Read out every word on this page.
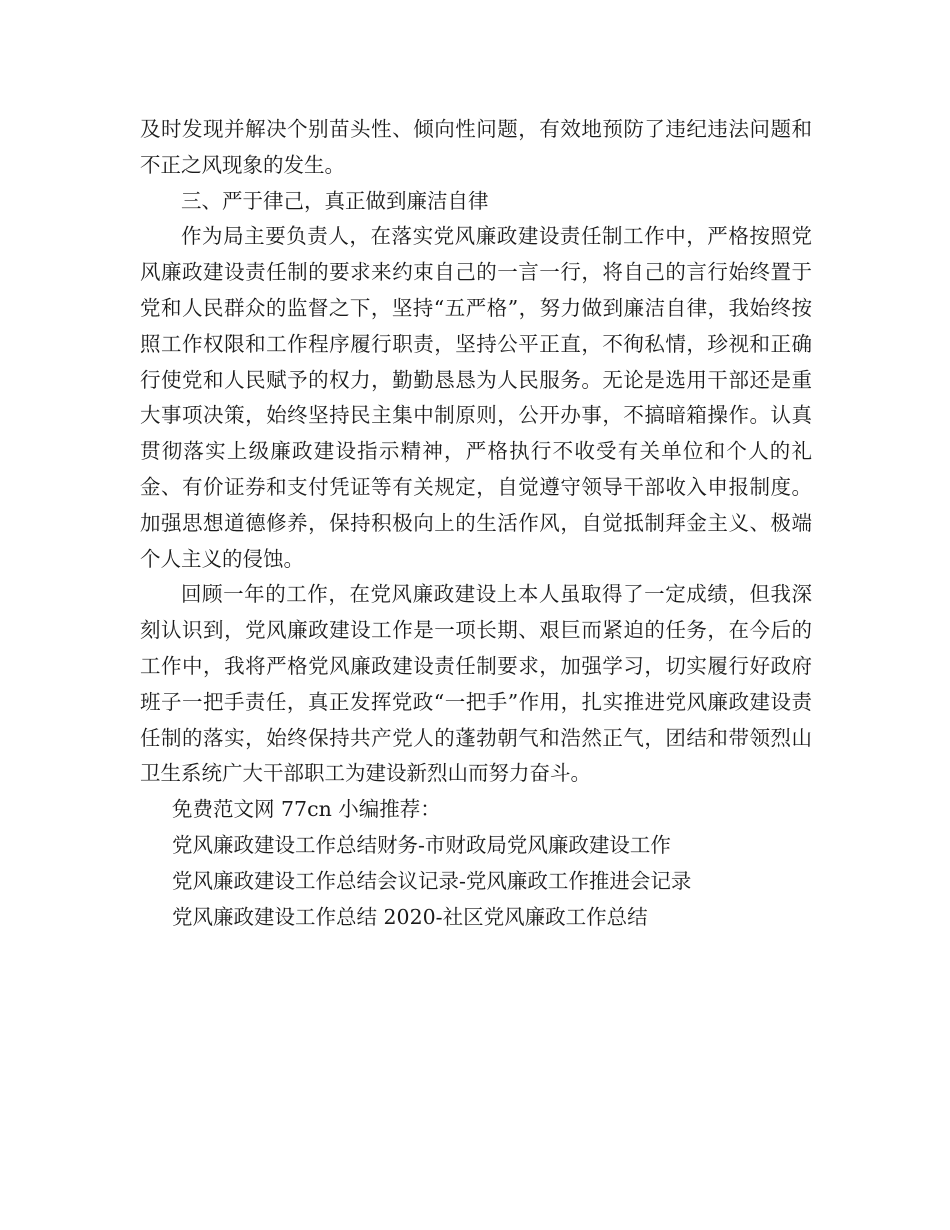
及时发现并解决个别苗头性、倾向性问题，有效地预防了违纪违法问题和不正之风现象的发生。

三、严于律己，真正做到廉洁自律

作为局主要负责人，在落实党风廉政建设责任制工作中，严格按照党风廉政建设责任制的要求来约束自己的一言一行，将自己的言行始终置于党和人民群众的监督之下，坚持“五严格”，努力做到廉洁自律，我始终按照工作权限和工作程序履行职责，坚持公平正直，不徇私情，珍视和正确行使党和人民赋予的权力，勤勤恳恳为人民服务。无论是选用干部还是重大事项决策，始终坚持民主集中制原则，公开办事，不搞暗箱操作。认真贯彻落实上级廉政建设指示精神，严格执行不收受有关单位和个人的礼金、有价证券和支付凭证等有关规定，自觉遵守领导干部收入申报制度。加强思想道德修养，保持积极向上的生活作风，自觉抵制拜金主义、极端个人主义的侵蚀。

回顾一年的工作，在党风廉政建设上本人虽取得了一定成绩，但我深刻认识到，党风廉政建设工作是一项长期、艰巨而紧迫的任务，在今后的工作中，我将严格党风廉政建设责任制要求，加强学习，切实履行好政府班子一把手责任，真正发挥党政“一把手”作用，扎实推进党风廉政建设责任制的落实，始终保持共产党人的蓬勃朝气和浩然正气，团结和带领烈山卫生系统广大干部职工为建设新烈山而努力奋斗。

免费范文网 77cn 小编推荐：

党风廉政建设工作总结财务-市财政局党风廉政建设工作
党风廉政建设工作总结会议记录-党风廉政工作推进会记录
党风廉政建设工作总结 2020-社区党风廉政工作总结
